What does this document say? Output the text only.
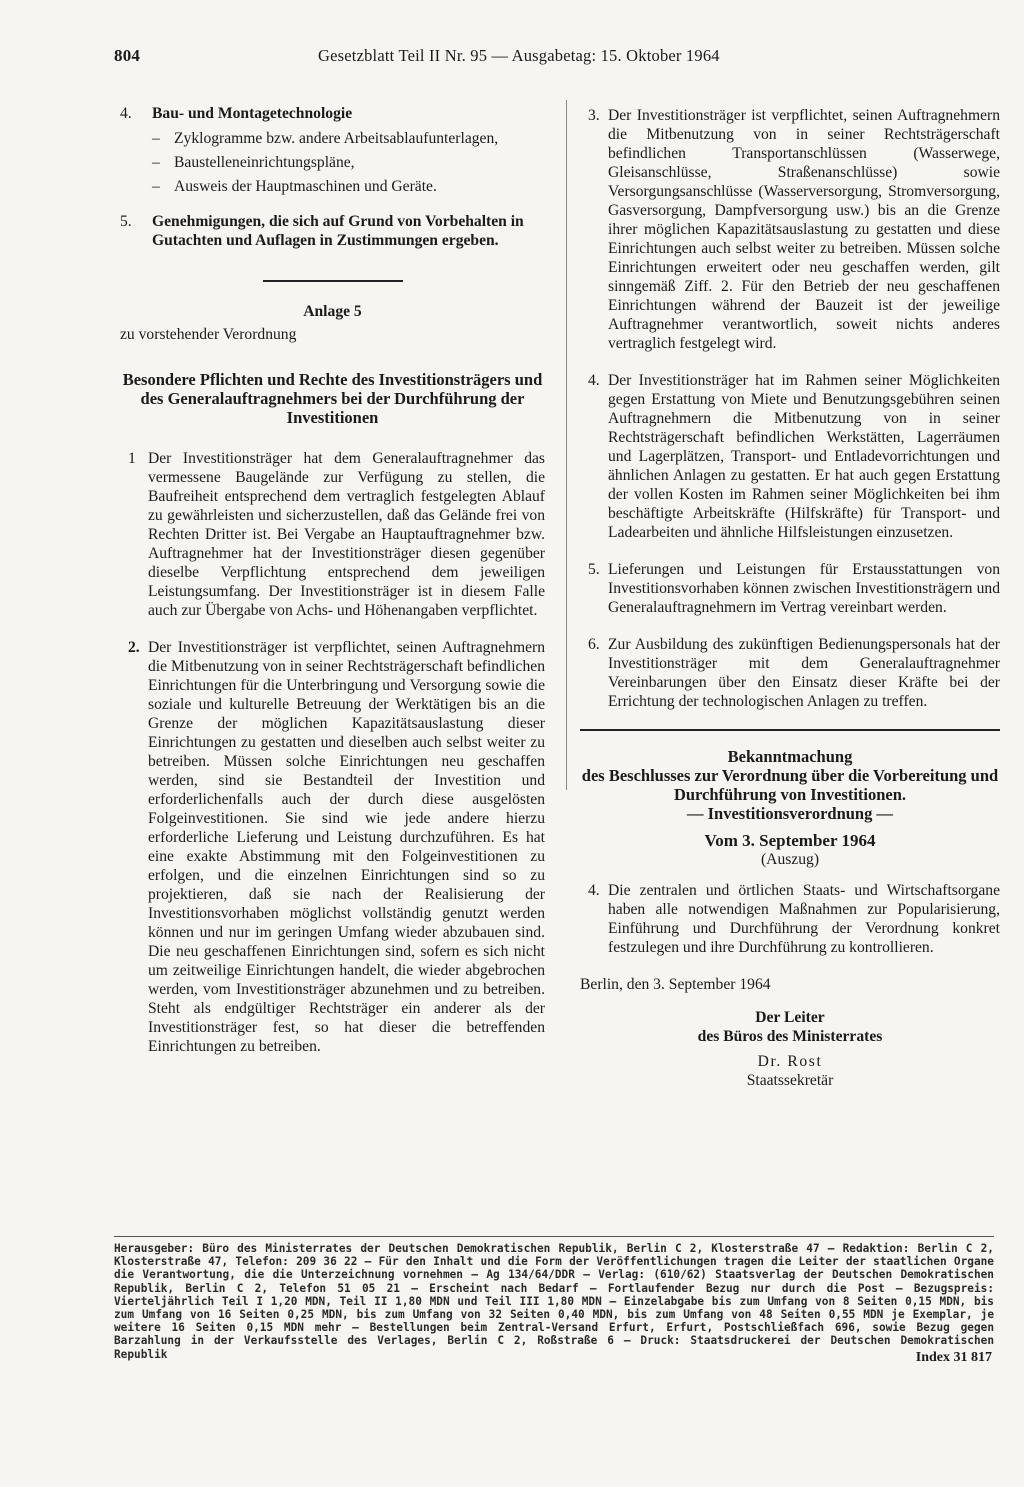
804	Gesetzblatt Teil II Nr. 95 — Ausgabetag: 15. Oktober 1964
4.	Bau- und Montagetechnologie
– Zyklogramme bzw. andere Arbeitsablaufunterlagen,
– Baustelleneinrichtungspläne,
– Ausweis der Hauptmaschinen und Geräte.
5.	Genehmigungen, die sich auf Grund von Vorbehalten in Gutachten und Auflagen in Zustimmungen ergeben.
Anlage 5
zu vorstehender Verordnung
Besondere Pflichten und Rechte des Investitionsträgers und des Generalauftragnehmers bei der Durchführung der Investitionen
1 Der Investitionsträger hat dem Generalauftragnehmer das vermessene Baugelände zur Verfügung zu stellen, die Baufreiheit entsprechend dem vertraglich festgelegten Ablauf zu gewährleisten und sicherzustellen, daß das Gelände frei von Rechten Dritter ist. Bei Vergabe an Hauptauftragnehmer bzw. Auftragnehmer hat der Investitionsträger diesen gegenüber dieselbe Verpflichtung entsprechend dem jeweiligen Leistungsumfang. Der Investitionsträger ist in diesem Falle auch zur Übergabe von Achs- und Höhenangaben verpflichtet.
2. Der Investitionsträger ist verpflichtet, seinen Auftragnehmern die Mitbenutzung von in seiner Rechtsträgerschaft befindlichen Einrichtungen für die Unterbringung und Versorgung sowie die soziale und kulturelle Betreuung der Werktätigen bis an die Grenze der möglichen Kapazitätsauslastung dieser Einrichtungen zu gestatten und dieselben auch selbst weiter zu betreiben. Müssen solche Einrichtungen neu geschaffen werden, sind sie Bestandteil der Investition und erforderlichenfalls auch der durch diese ausgelösten Folgeinvestitionen. Sie sind wie jede andere hierzu erforderliche Lieferung und Leistung durchzuführen. Es hat eine exakte Abstimmung mit den Folgeinvestitionen zu erfolgen, und die einzelnen Einrichtungen sind so zu projektieren, daß sie nach der Realisierung der Investitionsvorhaben möglichst vollständig genutzt werden können und nur im geringen Umfang wieder abzubauen sind. Die neu geschaffenen Einrichtungen sind, sofern es sich nicht um zeitweilige Einrichtungen handelt, die wieder abgebrochen werden, vom Investitionsträger abzunehmen und zu betreiben. Steht als endgültiger Rechtsträger ein anderer als der Investitionsträger fest, so hat dieser die betreffenden Einrichtungen zu betreiben.
3. Der Investitionsträger ist verpflichtet, seinen Auftragnehmern die Mitbenutzung von in seiner Rechtsträgerschaft befindlichen Transportanschlüssen (Wasserwege, Gleisanschlüsse, Straßenanschlüsse) sowie Versorgungsanschlüsse (Wasserversorgung, Stromversorgung, Gasversorgung, Dampfversorgung usw.) bis an die Grenze ihrer möglichen Kapazitätsauslastung zu gestatten und diese Einrichtungen auch selbst weiter zu betreiben. Müssen solche Einrichtungen erweitert oder neu geschaffen werden, gilt sinngemäß Ziff. 2. Für den Betrieb der neu geschaffenen Einrichtungen während der Bauzeit ist der jeweilige Auftragnehmer verantwortlich, soweit nichts anderes vertraglich festgelegt wird.
4. Der Investitionsträger hat im Rahmen seiner Möglichkeiten gegen Erstattung von Miete und Benutzungsgebühren seinen Auftragnehmern die Mitbenutzung von in seiner Rechtsträgerschaft befindlichen Werkstätten, Lagerräumen und Lagerplätzen, Transport- und Entladevorrichtungen und ähnlichen Anlagen zu gestatten. Er hat auch gegen Erstattung der vollen Kosten im Rahmen seiner Möglichkeiten bei ihm beschäftigte Arbeitskräfte (Hilfskräfte) für Transport- und Ladearbeiten und ähnliche Hilfsleistungen einzusetzen.
5. Lieferungen und Leistungen für Erstausstattungen von Investitionsvorhaben können zwischen Investitionsträgern und Generalauftragnehmern im Vertrag vereinbart werden.
6. Zur Ausbildung des zukünftigen Bedienungspersonals hat der Investitionsträger mit dem Generalauftragnehmer Vereinbarungen über den Einsatz dieser Kräfte bei der Errichtung der technologischen Anlagen zu treffen.
Bekanntmachung
des Beschlusses zur Verordnung über die Vorbereitung und Durchführung von Investitionen.
— Investitionsverordnung —
Vom 3. September 1964
(Auszug)
4. Die zentralen und örtlichen Staats- und Wirtschaftsorgane haben alle notwendigen Maßnahmen zur Popularisierung, Einführung und Durchführung der Verordnung konkret festzulegen und ihre Durchführung zu kontrollieren.
Berlin, den 3. September 1964
Der Leiter
des Büros des Ministerrates
Dr. Rost
Staatssekretär
Herausgeber: Büro des Ministerrates der Deutschen Demokratischen Republik, Berlin C 2, Klosterstraße 47 – Redaktion: Berlin C 2, Klosterstraße 47, Telefon: 209 36 22 – Für den Inhalt und die Form der Veröffentlichungen tragen die Leiter der staatlichen Organe die Verantwortung, die die Unterzeichnung vornehmen – Ag 134/64/DDR – Verlag: (610/62) Staatsverlag der Deutschen Demokratischen Republik, Berlin C 2, Telefon 51 05 21 – Erscheint nach Bedarf – Fortlaufender Bezug nur durch die Post – Bezugspreis: Vierteljährlich Teil I 1,20 MDN, Teil II 1,80 MDN und Teil III 1,80 MDN – Einzelabgabe bis zum Umfang von 8 Seiten 0,15 MDN, bis zum Umfang von 16 Seiten 0,25 MDN, bis zum Umfang von 32 Seiten 0,40 MDN, bis zum Umfang von 48 Seiten 0,55 MDN je Exemplar, je weitere 16 Seiten 0,15 MDN mehr – Bestellungen beim Zentral-Versand Erfurt, Erfurt, Postschließfach 696, sowie Bezug gegen Barzahlung in der Verkaufsstelle des Verlages, Berlin C 2, Roßstraße 6 – Druck: Staatsdruckerei der Deutschen Demokratischen Republik	Index 31 817
